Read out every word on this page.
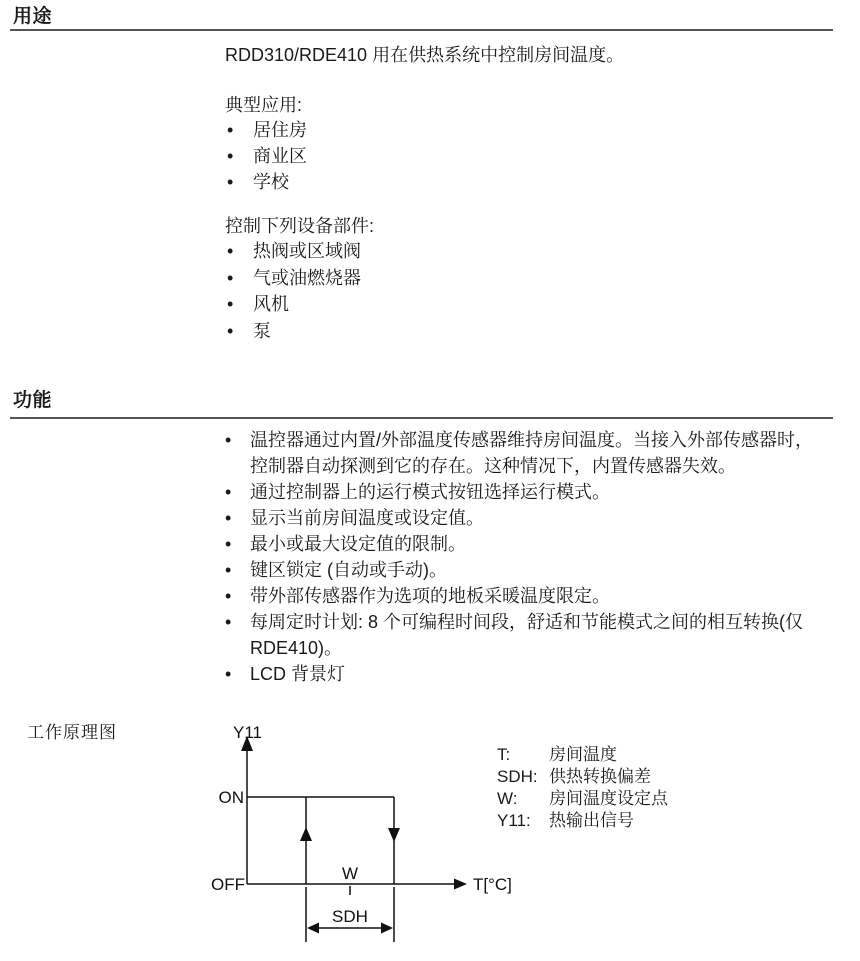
用途
RDD310/RDE410 用在供热系统中控制房间温度。
典型应用:
•	居住房
•	商业区
•	学校
控制下列设备部件:
•	热阀或区域阀
•	气或油燃烧器
•	风机
•	泵
功能
•	温控器通过内置/外部温度传感器维持房间温度。当接入外部传感器时，控制器自动探测到它的存在。这种情况下，内置传感器失效。
•	通过控制器上的运行模式按钮选择运行模式。
•	显示当前房间温度或设定值。
•	最小或最大设定值的限制。
•	键区锁定 (自动或手动)。
•	带外部传感器作为选项的地板采暖温度限定。
•	每周定时计划: 8 个可编程时间段，舒适和节能模式之间的相互转换(仅 RDE410)。
•	LCD 背景灯
工作原理图	Y11
ON
OFF
W
SDH
T[°C]
T:	房间温度
SDH: 供热转换偏差
W:	房间温度设定点
Y11:	热输出信号
